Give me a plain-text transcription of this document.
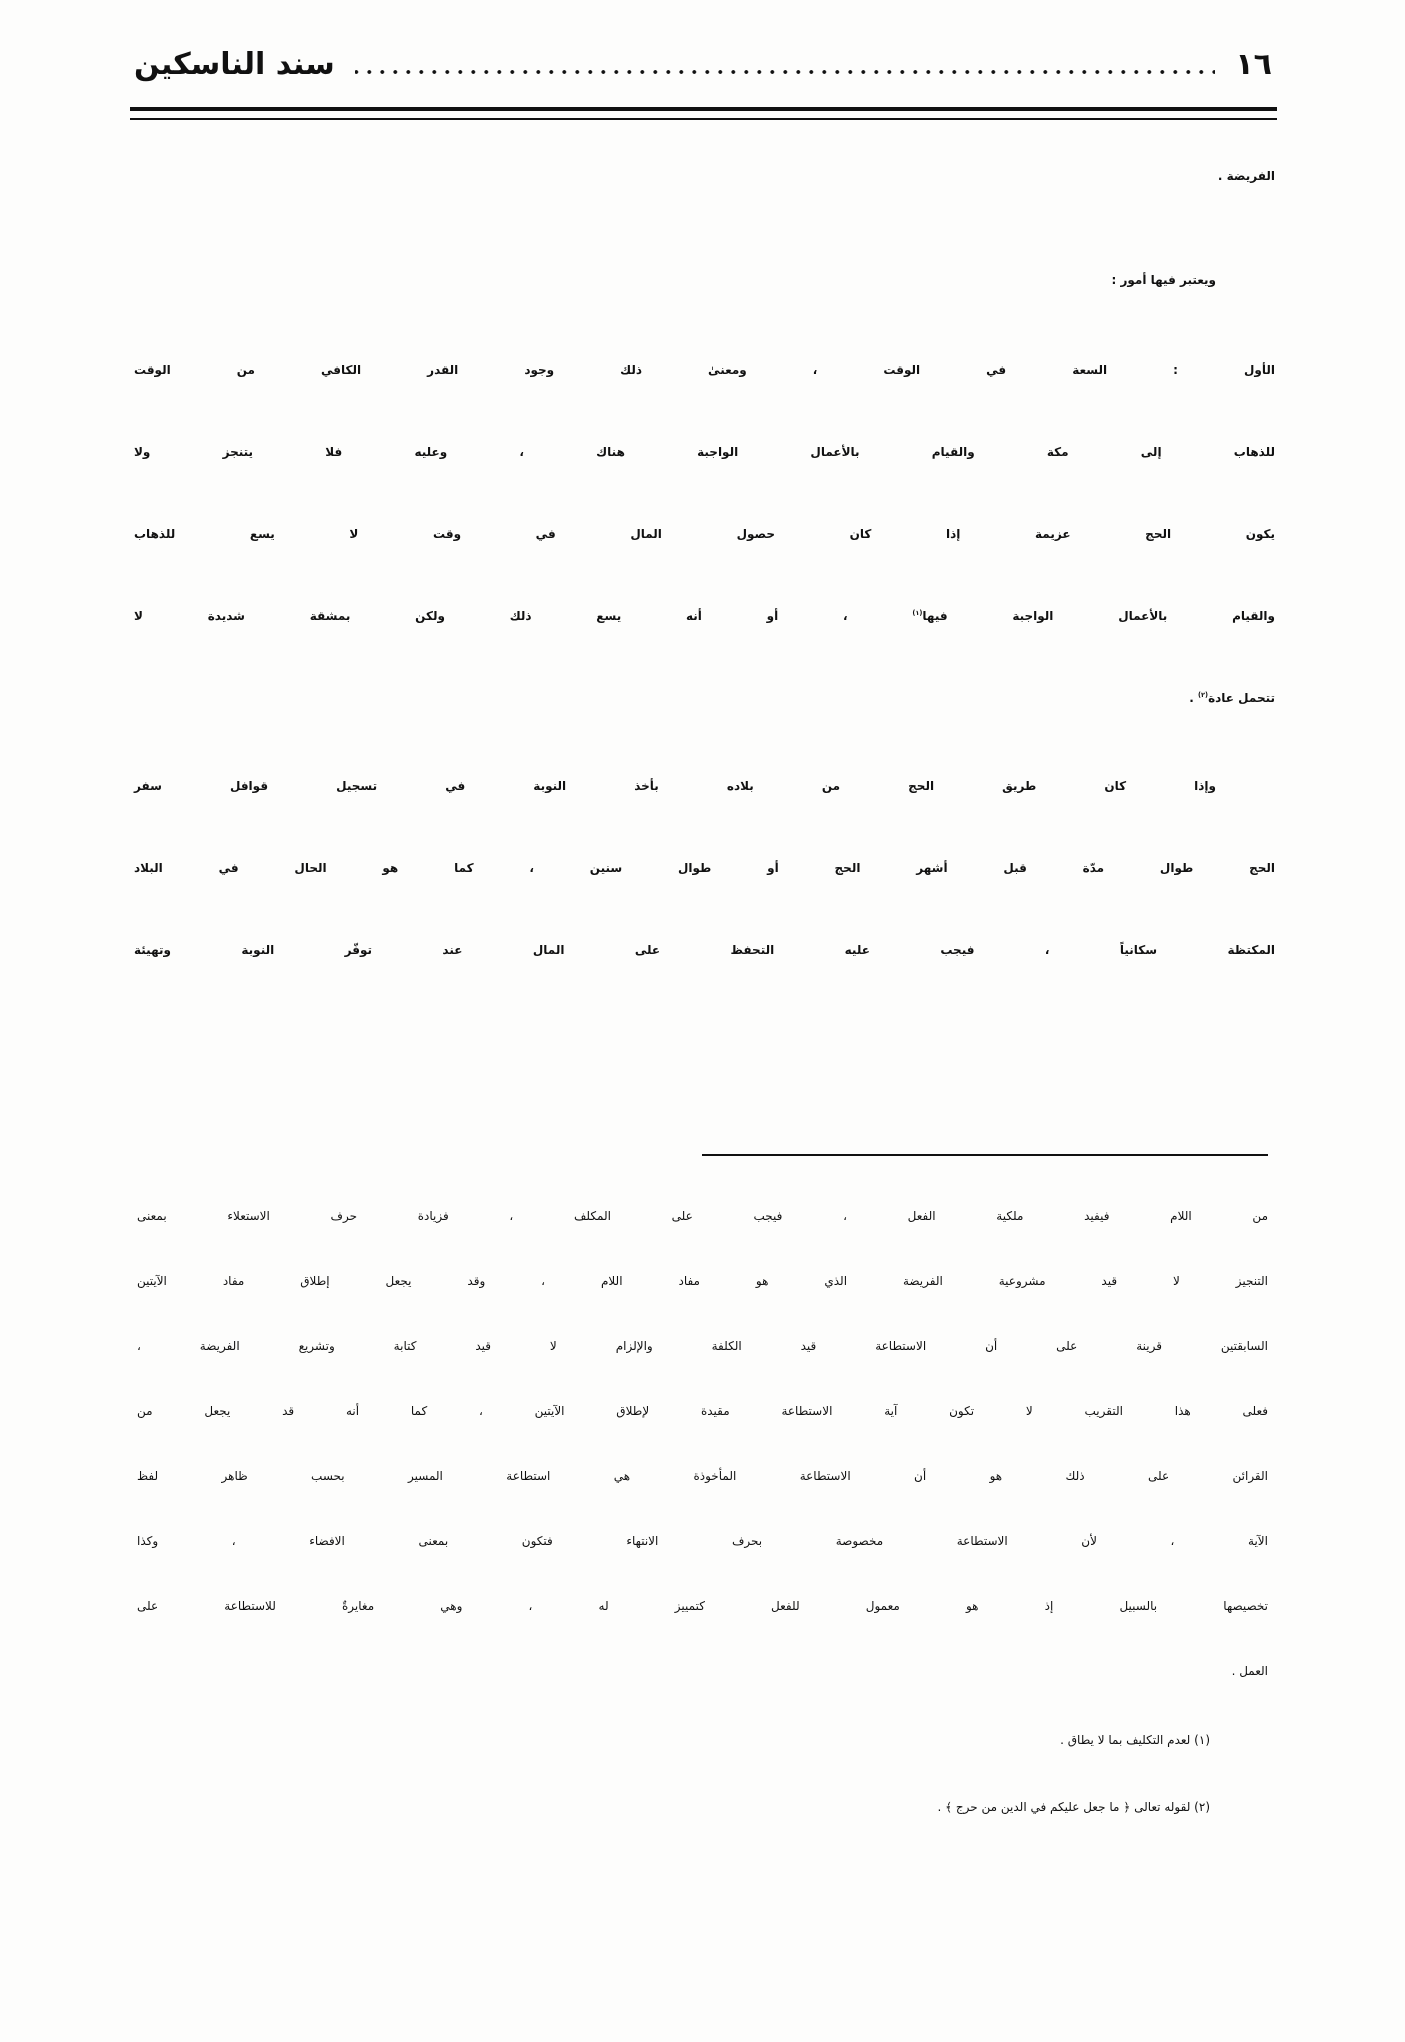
١٦
سند الناسكين
الفريضة .
ويعتبر فيها أمور :
الأول : السعة في الوقت ، ومعنىٰ ذلك وجود القدر الكافي من الوقت
للذهاب إلى مكة والقيام بالأعمال الواجبة هناك ، وعليه فلا يتنجز ولا
يكون الحج عزيمة إذا كان حصول المال في وقت لا يسع للذهاب
والقيام بالأعمال الواجبة فيها$^{(١)}$ ، أو أنه يسع ذلك ولكن بمشقة شديدة لا
تتحمل عادة$^{(٢)}$ .
وإذا كان طريق الحج من بلاده بأخذ النوبة في تسجيل قوافل سفر
الحج طوال مدّة قبل أشهر الحج أو طوال سنين ، كما هو الحال في البلاد
المكتظة سكانياً ، فيجب عليه التحفظ على المال عند توفّر النوبة وتهيئة
من اللام فيفيد ملكية الفعل ، فيجب على المكلف ، فزيادة حرف الاستعلاء بمعنى
التنجيز لا قيد مشروعية الفريضة الذي هو مفاد اللام ، وقد يجعل إطلاق مفاد الآيتين
السابقتين قرينة على أن الاستطاعة قيد الكلفة والإلزام لا قيد كتابة وتشريع الفريضة ،
فعلى هذا التقريب لا تكون آية الاستطاعة مقيدة لإطلاق الآيتين ، كما أنه قد يجعل من
القرائن على ذلك هو أن الاستطاعة المأخوذة هي استطاعة المسير بحسب ظاهر لفظ
الآية ، لأن الاستطاعة مخصوصة بحرف الانتهاء فتكون بمعنى الافضاء ، وكذا
تخصيصها بالسبيل إذ هو معمول للفعل كتمييز له ، وهي مغايرةٌ للاستطاعة على
العمل .
(١) لعدم التكليف بما لا يطاق .
(٢) لقوله تعالى ﴿ ما جعل عليكم في الدين من حرج ﴾ .
